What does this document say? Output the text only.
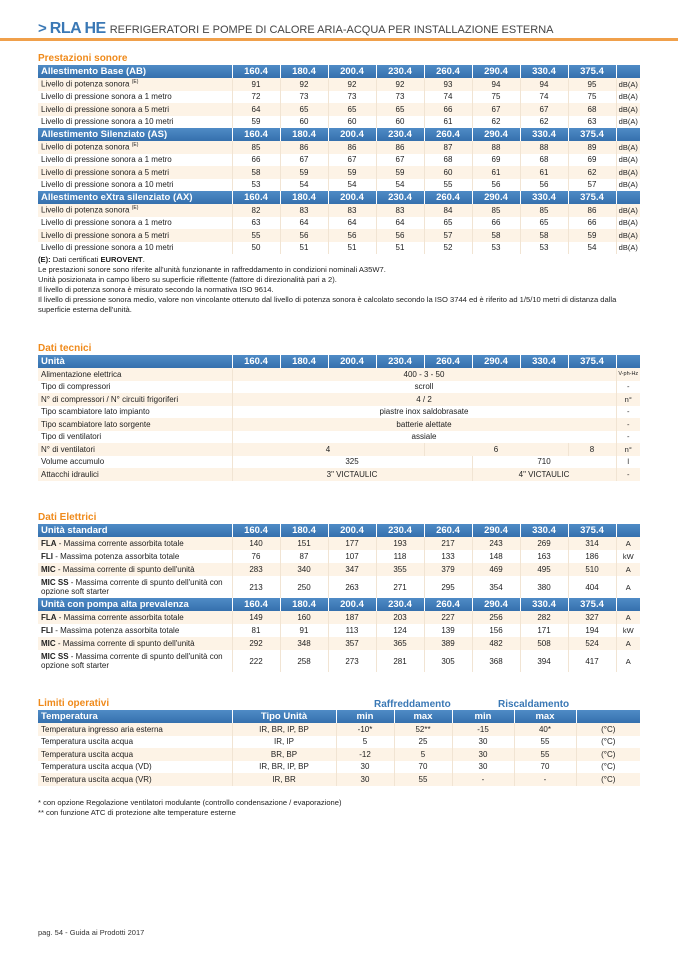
> RLA HE REFRIGERATORI E POMPE DI CALORE ARIA-ACQUA PER INSTALLAZIONE ESTERNA
Prestazioni sonore
Allestimento Base (AB)	160.4	180.4	200.4	230.4	260.4	290.4	330.4	375.4	
Livello di potenza sonora $^{(E)}$	91	92	92	92	93	94	94	95	dB(A)
Livello di pressione sonora a 1 metro	72	73	73	73	74	75	74	75	dB(A)
Livello di pressione sonora a 5 metri	64	65	65	65	66	67	67	68	dB(A)
Livello di pressione sonora a 10 metri	59	60	60	60	61	62	62	63	dB(A)
Allestimento Silenziato (AS)	160.4	180.4	200.4	230.4	260.4	290.4	330.4	375.4	
Livello di potenza sonora $^{(E)}$	85	86	86	86	87	88	88	89	dB(A)
Livello di pressione sonora a 1 metro	66	67	67	67	68	69	68	69	dB(A)
Livello di pressione sonora a 5 metri	58	59	59	59	60	61	61	62	dB(A)
Livello di pressione sonora a 10 metri	53	54	54	54	55	56	56	57	dB(A)
Allestimento eXtra silenziato (AX)	160.4	180.4	200.4	230.4	260.4	290.4	330.4	375.4	
Livello di potenza sonora $^{(E)}$	82	83	83	83	84	85	85	86	dB(A)
Livello di pressione sonora a 1 metro	63	64	64	64	65	66	65	66	dB(A)
Livello di pressione sonora a 5 metri	55	56	56	56	57	58	58	59	dB(A)
Livello di pressione sonora a 10 metri	50	51	51	51	52	53	53	54	dB(A)
(E): Dati certificati EUROVENT.
Le prestazioni sonore sono riferite all'unità funzionante in raffreddamento in condizioni nominali A35W7.
Unità posizionata in campo libero su superficie riflettente (fattore di direzionalità pari a 2).
Il livello di potenza sonora è misurato secondo la normativa ISO 9614.
Il livello di pressione sonora medio, valore non vincolante ottenuto dal livello di potenza sonora è calcolato secondo la ISO 3744 ed è riferito ad 1/5/10 metri di distanza dalla superficie esterna dell'unità.
Dati tecnici
Unità	160.4	180.4	200.4	230.4	260.4	290.4	330.4	375.4	
Alimentazione elettrica	400 - 3 - 50								V-ph-Hz
Tipo di compressori	scroll								-
N° di compressori / N° circuiti frigoriferi	4 / 2								n°
Tipo scambiatore lato impianto	piastre inox saldobrasate								-
Tipo scambiatore lato sorgente	batterie alettate								-
Tipo di ventilatori	assiale								-
N° di ventilatori	4				6			8	n°
Volume accumulo	325					710			l
Attacchi idraulici	3" VICTAULIC					4" VICTAULIC			-
Dati Elettrici
Unità standard	160.4	180.4	200.4	230.4	260.4	290.4	330.4	375.4	
FLA - Massima corrente assorbita totale	140	151	177	193	217	243	269	314	A
FLI - Massima potenza assorbita totale	76	87	107	118	133	148	163	186	kW
MIC - Massima corrente di spunto dell'unità	283	340	347	355	379	469	495	510	A
MIC SS - Massima corrente di spunto dell'unità con opzione soft starter	213	250	263	271	295	354	380	404	A
Unità con pompa alta prevalenza	160.4	180.4	200.4	230.4	260.4	290.4	330.4	375.4	
FLA - Massima corrente assorbita totale	149	160	187	203	227	256	282	327	A
FLI - Massima potenza assorbita totale	81	91	113	124	139	156	171	194	kW
MIC - Massima corrente di spunto dell'unità	292	348	357	365	389	482	508	524	A
MIC SS - Massima corrente di spunto dell'unità con opzione soft starter	222	258	273	281	305	368	394	417	A
Limiti operativi	Raffreddamento	Riscaldamento
Temperatura	Tipo Unità	min	max	min	max	
Temperatura ingresso aria esterna	IR, BR, IP, BP	-10*	52**	-15	40*	(°C)
Temperatura uscita acqua	IR, IP	5	25	30	55	(°C)
Temperatura uscita acqua	BR, BP	-12	5	30	55	(°C)
Temperatura uscita acqua (VD)	IR, BR, IP, BP	30	70	30	70	(°C)
Temperatura uscita acqua (VR)	IR, BR	30	55	-	-	(°C)
* con opzione Regolazione ventilatori modulante (controllo condensazione / evaporazione)
** con funzione ATC di protezione alte temperature esterne
pag. 54 - Guida ai Prodotti 2017
